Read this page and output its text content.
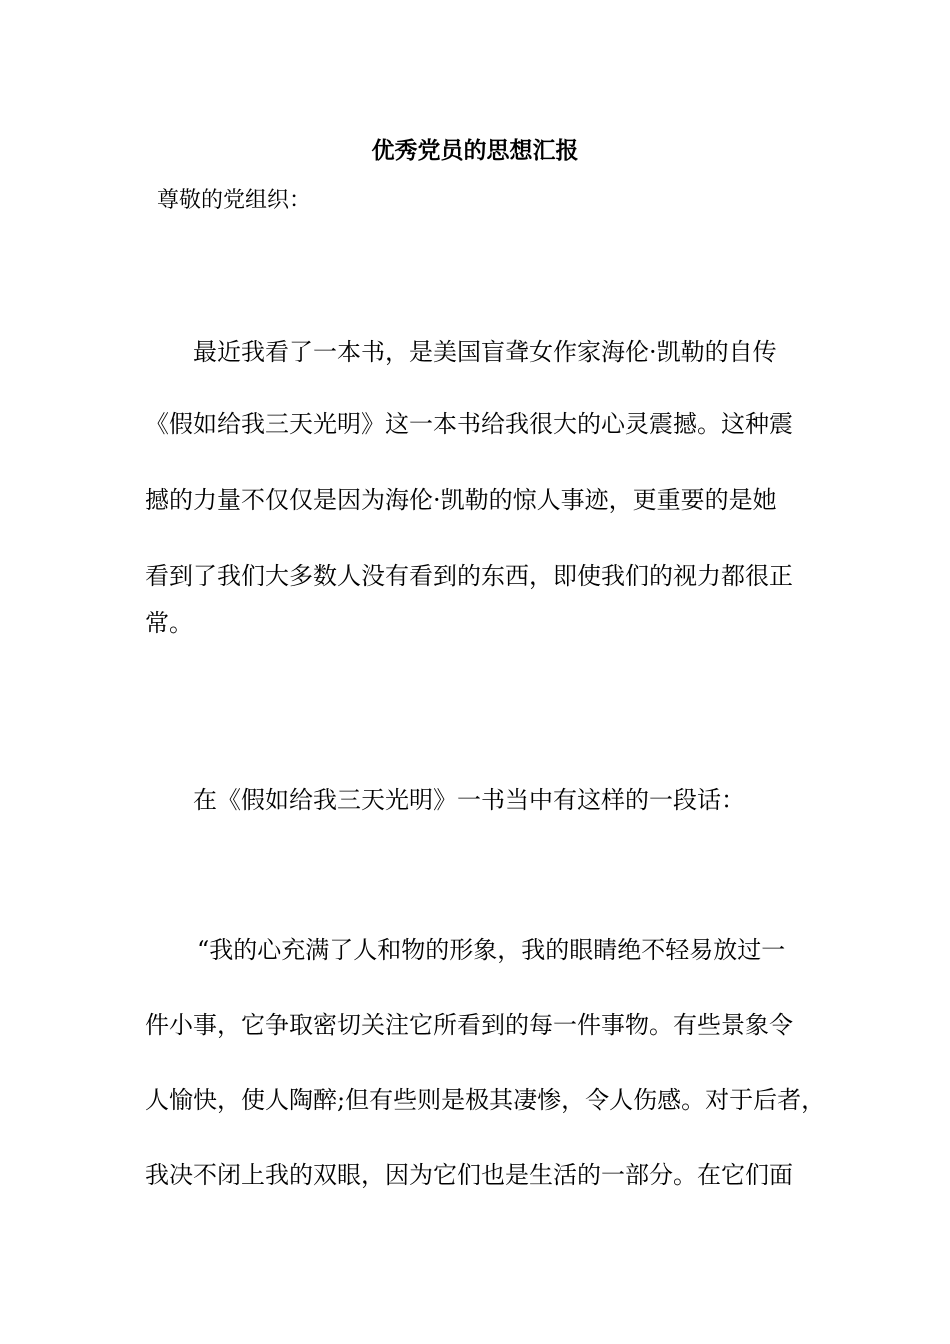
优秀党员的思想汇报
尊敬的党组织：
最近我看了一本书，是美国盲聋女作家海伦·凯勒的自传
《假如给我三天光明》这一本书给我很大的心灵震撼。这种震
撼的力量不仅仅是因为海伦·凯勒的惊人事迹，更重要的是她
看到了我们大多数人没有看到的东西，即使我们的视力都很正
常。
在《假如给我三天光明》一书当中有这样的一段话：
“我的心充满了人和物的形象，我的眼睛绝不轻易放过一
件小事，它争取密切关注它所看到的每一件事物。有些景象令
人愉快，使人陶醉;但有些则是极其凄惨，令人伤感。对于后者，
我决不闭上我的双眼，因为它们也是生活的一部分。在它们面
